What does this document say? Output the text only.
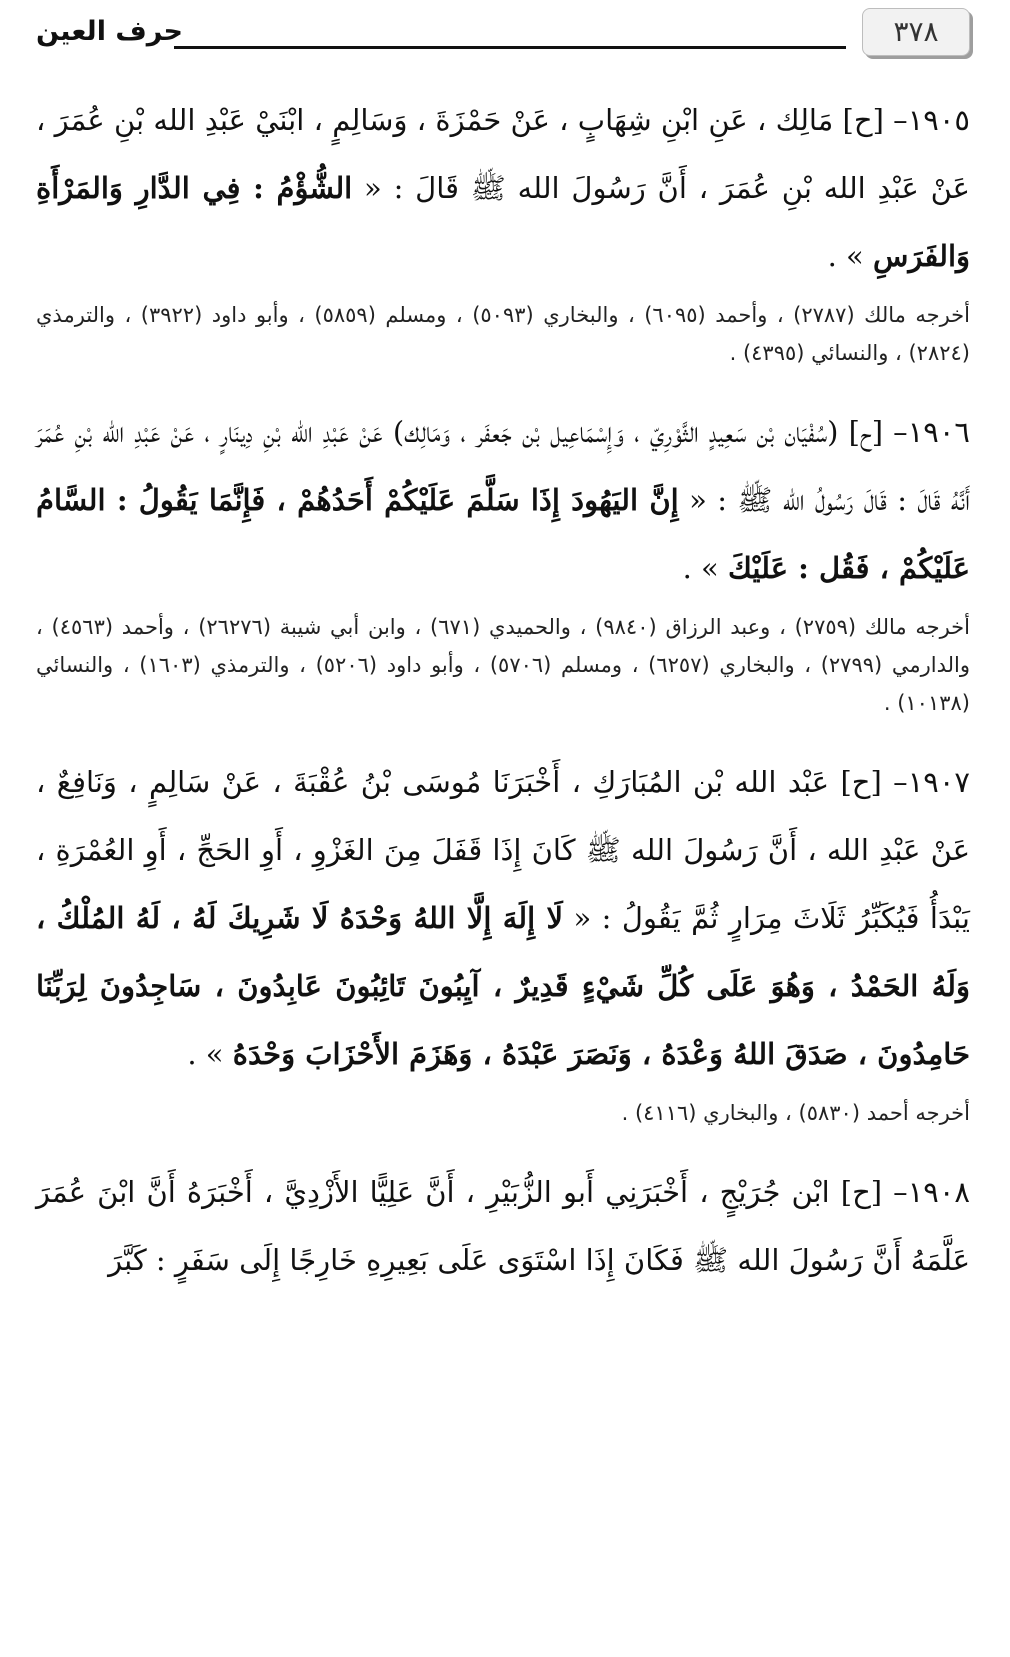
٣٧٨
حرف العين

١٩٠٥– [ح] مَالِك ، عَنِ ابْنِ شِهَابٍ ، عَنْ حَمْزَةَ ، وَسَالِمٍ ، ابْنَيْ عَبْدِ الله بْنِ عُمَرَ ، عَنْ عَبْدِ الله بْنِ عُمَرَ ، أَنَّ رَسُولَ الله ﷺ قَالَ : « الشُّؤْمُ : فِي الدَّارِ وَالمَرْأَةِ وَالفَرَسِ » .

أخرجه مالك (٢٧٨٧) ، وأحمد (٦٠٩٥) ، والبخاري (٥٠٩٣) ، ومسلم (٥٨٥٩) ، وأبو داود (٣٩٢٢) ، والترمذي (٢٨٢٤) ، والنسائي (٤٣٩٥) .

١٩٠٦– [ح] (سُفْيَان بْن سَعِيدٍ الثَّوْرِيّ ، وَإِسْمَاعِيل بْن جَعفَر ، وَمَالِك) عَنْ عَبْدِ الله بْنِ دِينَارٍ ، عَنْ عَبْدِ الله بْنِ عُمَرَ أَنَّهُ قَالَ : قَالَ رَسُولُ الله ﷺ : « إِنَّ اليَهُودَ إِذَا سَلَّمَ عَلَيْكُمْ أَحَدُهُمْ ، فَإِنَّمَا يَقُولُ : السَّامُ عَلَيْكُمْ ، فَقُل : عَلَيْكَ » .

أخرجه مالك (٢٧٥٩) ، وعبد الرزاق (٩٨٤٠) ، والحميدي (٦٧١) ، وابن أبي شيبة (٢٦٢٧٦) ، وأحمد (٤٥٦٣) ، والدارمي (٢٧٩٩) ، والبخاري (٦٢٥٧) ، ومسلم (٥٧٠٦) ، وأبو داود (٥٢٠٦) ، والترمذي (١٦٠٣) ، والنسائي (١٠١٣٨) .

١٩٠٧– [ح] عَبْد الله بْن المُبَارَكِ ، أَخْبَرَنَا مُوسَى بْنُ عُقْبَةَ ، عَنْ سَالِمٍ ، وَنَافِعٌ ، عَنْ عَبْدِ الله ، أَنَّ رَسُولَ الله ﷺ كَانَ إِذَا قَفَلَ مِنَ الغَزْوِ ، أَوِ الحَجِّ ، أَوِ العُمْرَةِ ، يَبْدَأُ فَيُكَبِّرُ ثَلَاثَ مِرَارٍ ثُمَّ يَقُولُ : « لَا إِلَهَ إِلَّا اللهُ وَحْدَهُ لَا شَرِيكَ لَهُ ، لَهُ المُلْكُ ، وَلَهُ الحَمْدُ ، وَهُوَ عَلَى كُلِّ شَيْءٍ قَدِيرٌ ، آيِبُونَ تَائِبُونَ عَابِدُونَ ، سَاجِدُونَ لِرَبِّنَا حَامِدُونَ ، صَدَقَ اللهُ وَعْدَهُ ، وَنَصَرَ عَبْدَهُ ، وَهَزَمَ الأَحْزَابَ وَحْدَهُ » .

أخرجه أحمد (٥٨٣٠) ، والبخاري (٤١١٦) .

١٩٠٨– [ح] ابْن جُرَيْجٍ ، أَخْبَرَنِي أَبو الزُّبَيْرِ ، أَنَّ عَلِيًّا الأَزْدِيَّ ، أَخْبَرَهُ أَنَّ ابْنَ عُمَرَ عَلَّمَهُ أَنَّ رَسُولَ الله ﷺ فَكَانَ إِذَا اسْتَوَى عَلَى بَعِيرِهِ خَارِجًا إِلَى سَفَرٍ : كَبَّرَ
